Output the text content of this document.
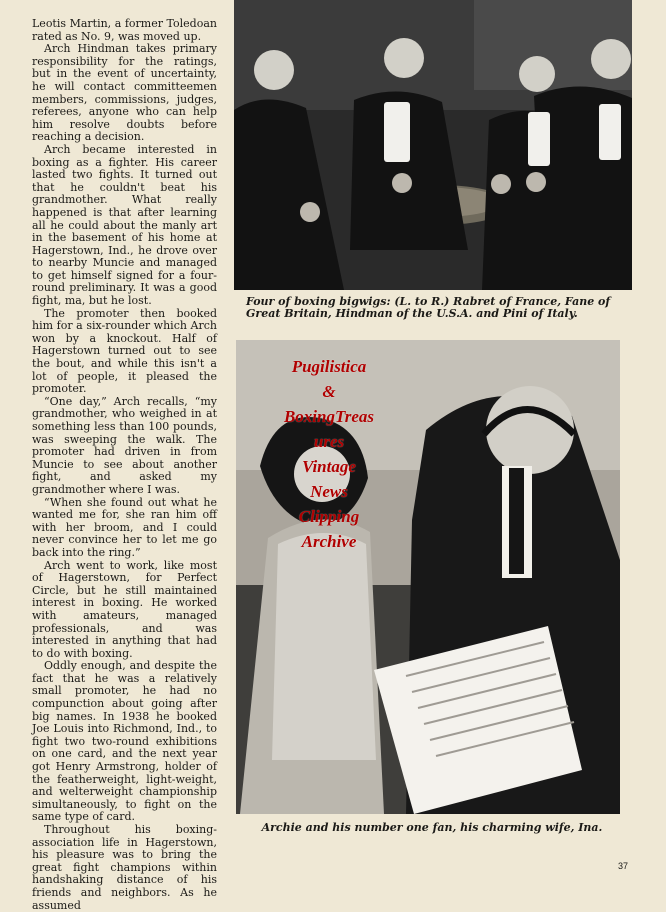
Leotis Martin, a former Toledoan rated as No. 9, was moved up.

Arch Hindman takes primary responsibility for the ratings, but in the event of uncertainty, he will contact committeemen members, commissions, judges, referees, anyone who can help him resolve doubts before reaching a decision.

Arch became interested in boxing as a fighter. His career lasted two fights. It turned out that he couldn't beat his grandmother. What really happened is that after learning all he could about the manly art in the basement of his home at Hagerstown, Ind., he drove over to nearby Muncie and managed to get himself signed for a four-round preliminary. It was a good fight, ma, but he lost.

The promoter then booked him for a six-rounder which Arch won by a knockout. Half of Hagerstown turned out to see the bout, and while this isn't a lot of people, it pleased the promoter.

“One day,” Arch recalls, “my grandmother, who weighed in at something less than 100 pounds, was sweeping the walk. The promoter had driven in from Muncie to see about another fight, and asked my grandmother where I was.

“When she found out what he wanted me for, she ran him off with her broom, and I could never convince her to let me go back into the ring.”

Arch went to work, like most of Hagerstown, for Perfect Circle, but he still maintained interest in boxing. He worked with amateurs, managed professionals, and was interested in anything that had to do with boxing.

Oddly enough, and despite the fact that he was a relatively small promoter, he had no compunction about going after big names. In 1938 he booked Joe Louis into Richmond, Ind., to fight two two-round exhibitions on one card, and the next year got Henry Armstrong, holder of the featherweight, light-weight, and welterweight championship simultaneously, to fight on the same type of card.

Throughout his boxing-association life in Hagerstown, his pleasure was to bring the great fight champions within handshaking distance of his friends and neighbors. As he assumed

Four of boxing bigwigs: (L. to R.) Rabret of France, Fane of Great Britain, Hindman of the U.S.A. and Pini of Italy.
Archie and his number one fan, his charming wife, Ina.
Pugilistica
&
BoxingTreas
ures
Vintage
News
Clipping
Archive
37
